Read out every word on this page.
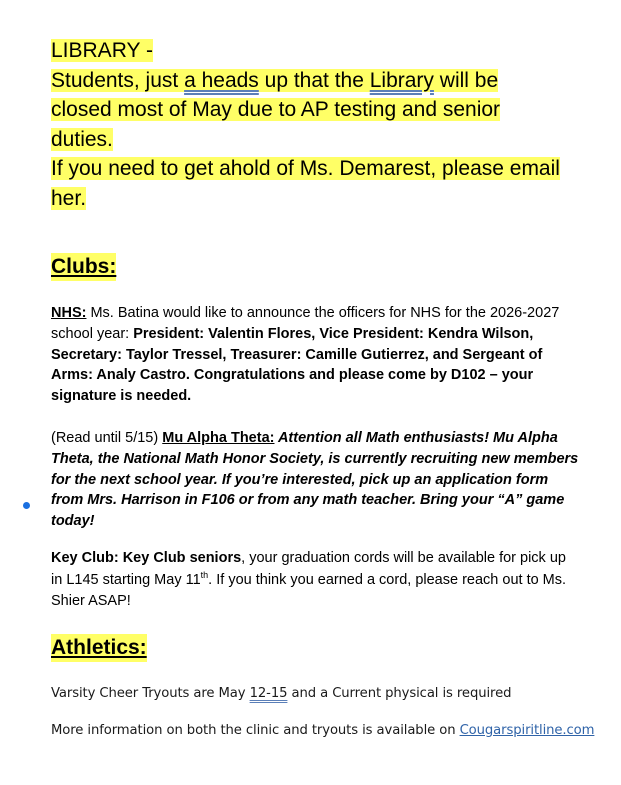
LIBRARY -
Students, just a heads up that the Library will be
closed most of May due to AP testing and senior
duties.
If you need to get ahold of Ms. Demarest, please email
her.
Clubs:
NHS: Ms. Batina would like to announce the officers for NHS for the 2026-2027 school year: President: Valentin Flores, Vice President: Kendra Wilson, Secretary: Taylor Tressel, Treasurer: Camille Gutierrez, and Sergeant of Arms: Analy Castro. Congratulations and please come by D102 – your signature is needed.
(Read until 5/15) Mu Alpha Theta: Attention all Math enthusiasts! Mu Alpha Theta, the National Math Honor Society, is currently recruiting new members for the next school year. If you’re interested, pick up an application form from Mrs. Harrison in F106 or from any math teacher. Bring your “A” game today!
Key Club: Key Club seniors, your graduation cords will be available for pick up in L145 starting May 11th. If you think you earned a cord, please reach out to Ms. Shier ASAP!
Athletics:
Varsity Cheer Tryouts are May 12-15 and a Current physical is required
More information on both the clinic and tryouts is available on Cougarspiritline.com
